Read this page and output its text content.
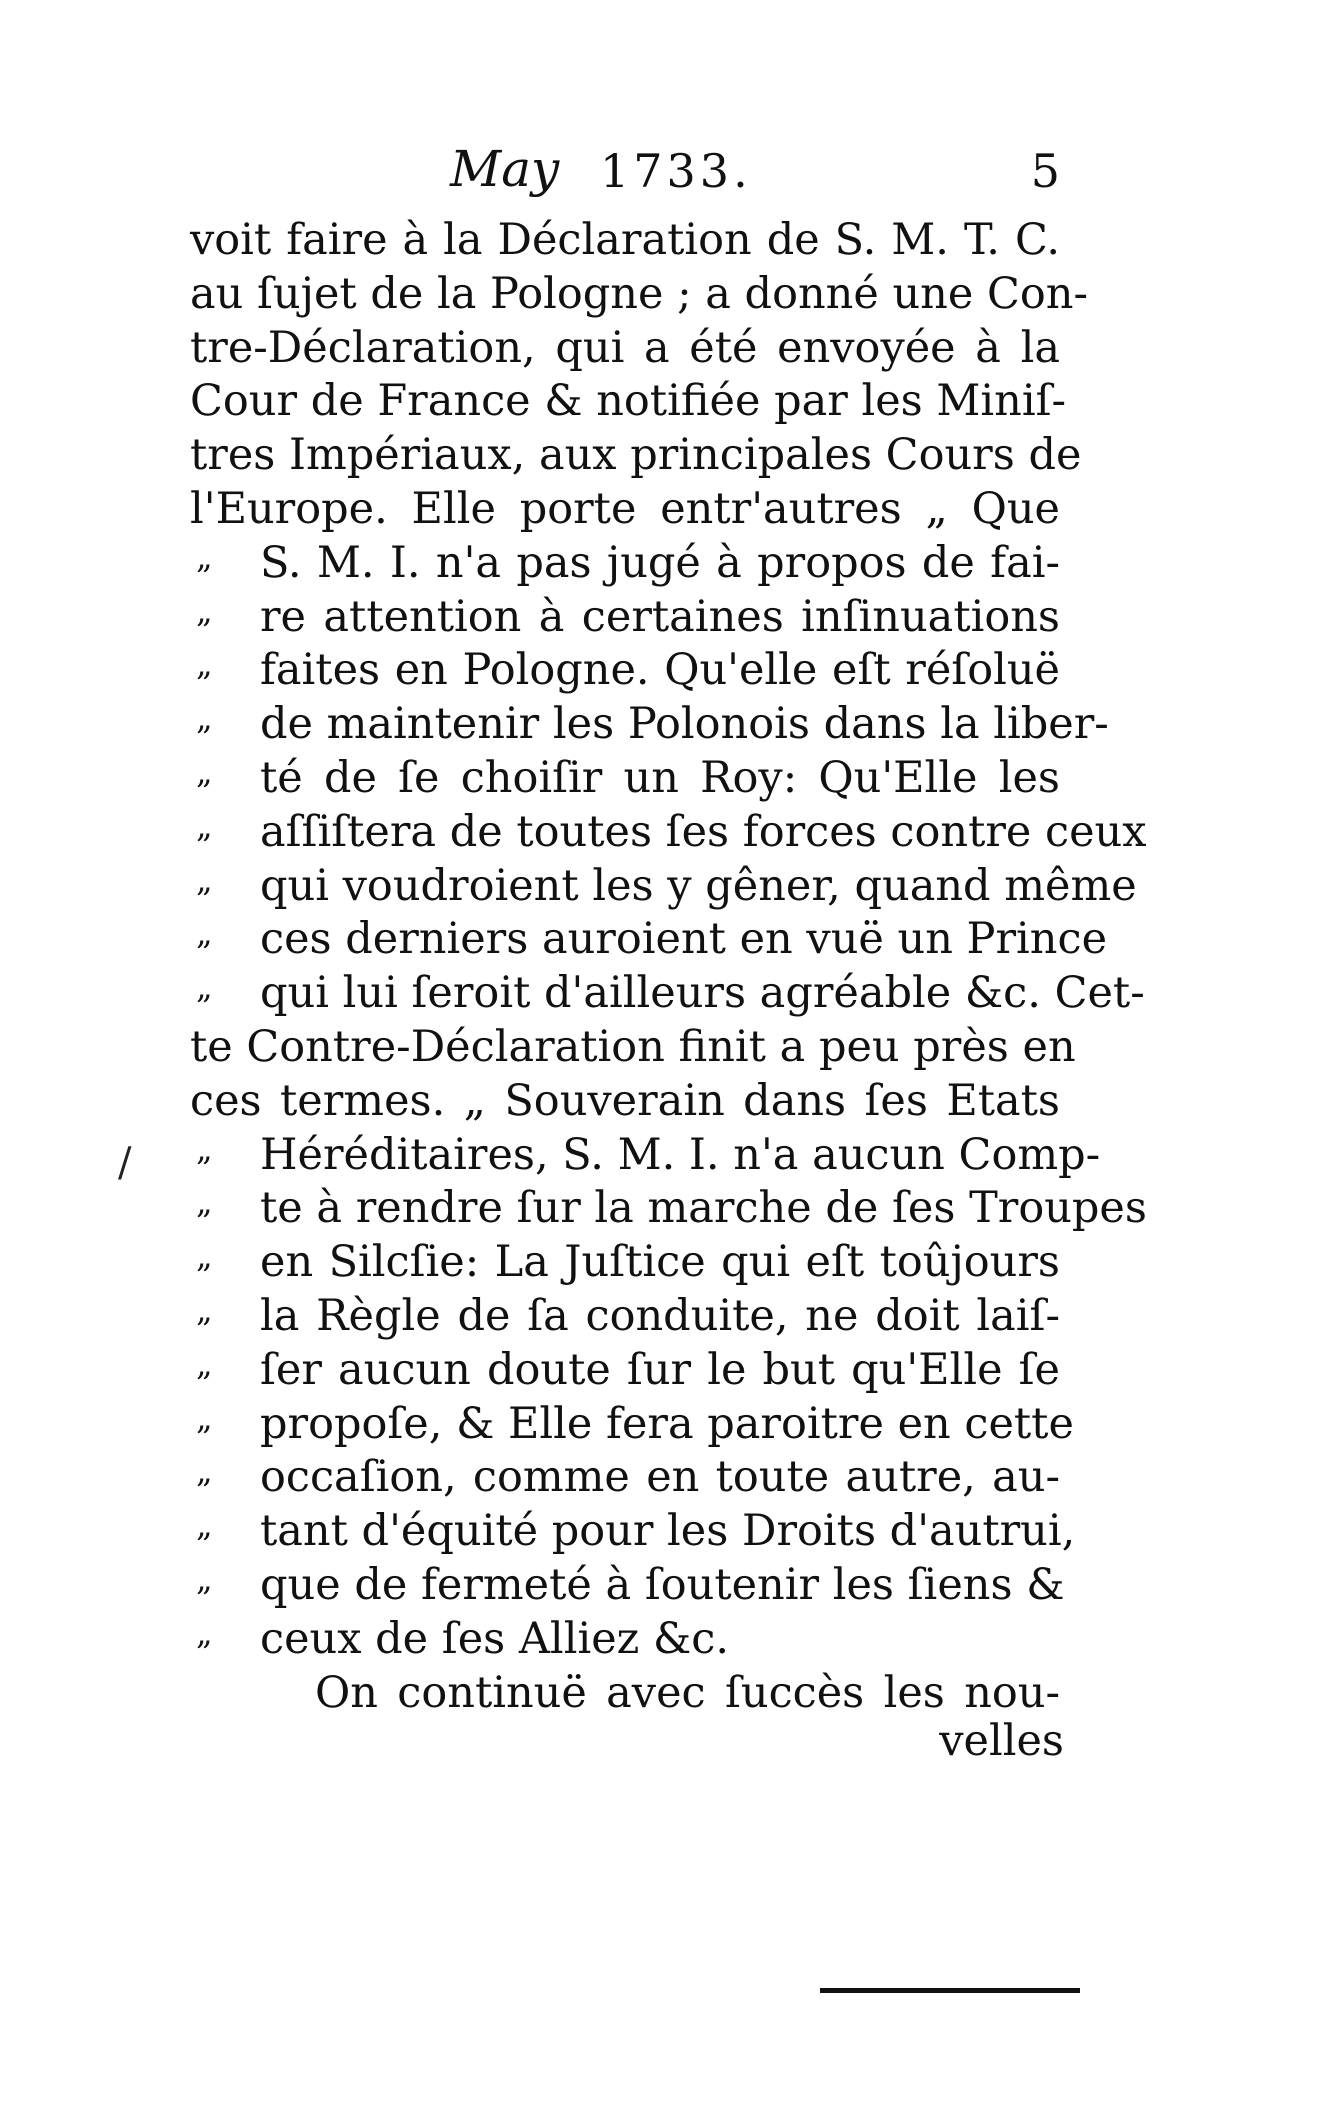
May 1733.	5
voit faire à la Déclaration de S. M. T. C.
au ſujet de la Pologne ; a donné une Con-
tre-Déclaration, qui a été envoyée à la
Cour de France & notifiée par les Miniſ-
tres Impériaux, aux principales Cours de
l'Europe. Elle porte entr'autres „ Que
„ S. M. I. n'a pas jugé à propos de fai-
„ re attention à certaines inſinuations
„ faites en Pologne. Qu'elle eſt réſoluë
„ de maintenir les Polonois dans la liber-
„ té de ſe choiſir un Roy: Qu'Elle les
„ aſſiſtera de toutes ſes forces contre ceux
„ qui voudroient les y gêner, quand même
„ ces derniers auroient en vuë un Prince
„ qui lui ſeroit d'ailleurs agréable &c. Cet-
te Contre-Déclaration finit a peu près en
ces termes. „ Souverain dans ſes Etats
„ Héréditaires, S. M. I. n'a aucun Comp-
„ te à rendre ſur la marche de ſes Troupes
„ en Silcſie: La Juſtice qui eſt toûjours
„ la Règle de ſa conduite, ne doit laiſ-
„ ſer aucun doute ſur le but qu'Elle ſe
„ propoſe, & Elle fera paroitre en cette
„ occaſion, comme en toute autre, au-
„ tant d'équité pour les Droits d'autrui,
„ que de fermeté à ſoutenir les ſiens &
„ ceux de ſes Alliez &c.
On continuë avec ſuccès les nou-
velles
/
